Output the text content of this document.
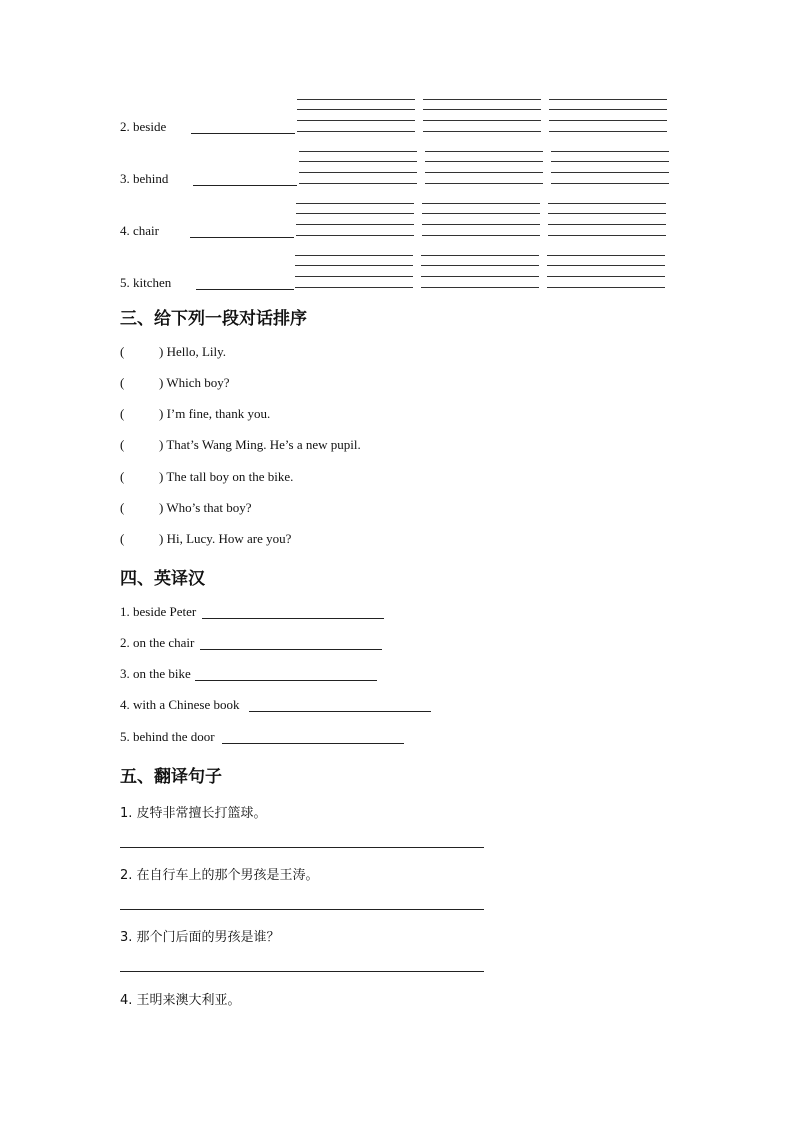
2. beside
3. behind
4. chair
5. kitchen
三、给下列一段对话排序
(	) Hello, Lily.
(	) Which boy?
(	) I’m fine, thank you.
(	) That’s Wang Ming. He’s a new pupil.
(	) The tall boy on the bike.
(	) Who’s that boy?
(	) Hi, Lucy. How are you?
四、英译汉
1. beside Peter
2. on the chair
3. on the bike
4. with a Chinese book
5. behind the door
五、翻译句子
1. 皮特非常擅长打篮球。
2. 在自行车上的那个男孩是王涛。
3. 那个门后面的男孩是谁？
4. 王明来澳大利亚。
